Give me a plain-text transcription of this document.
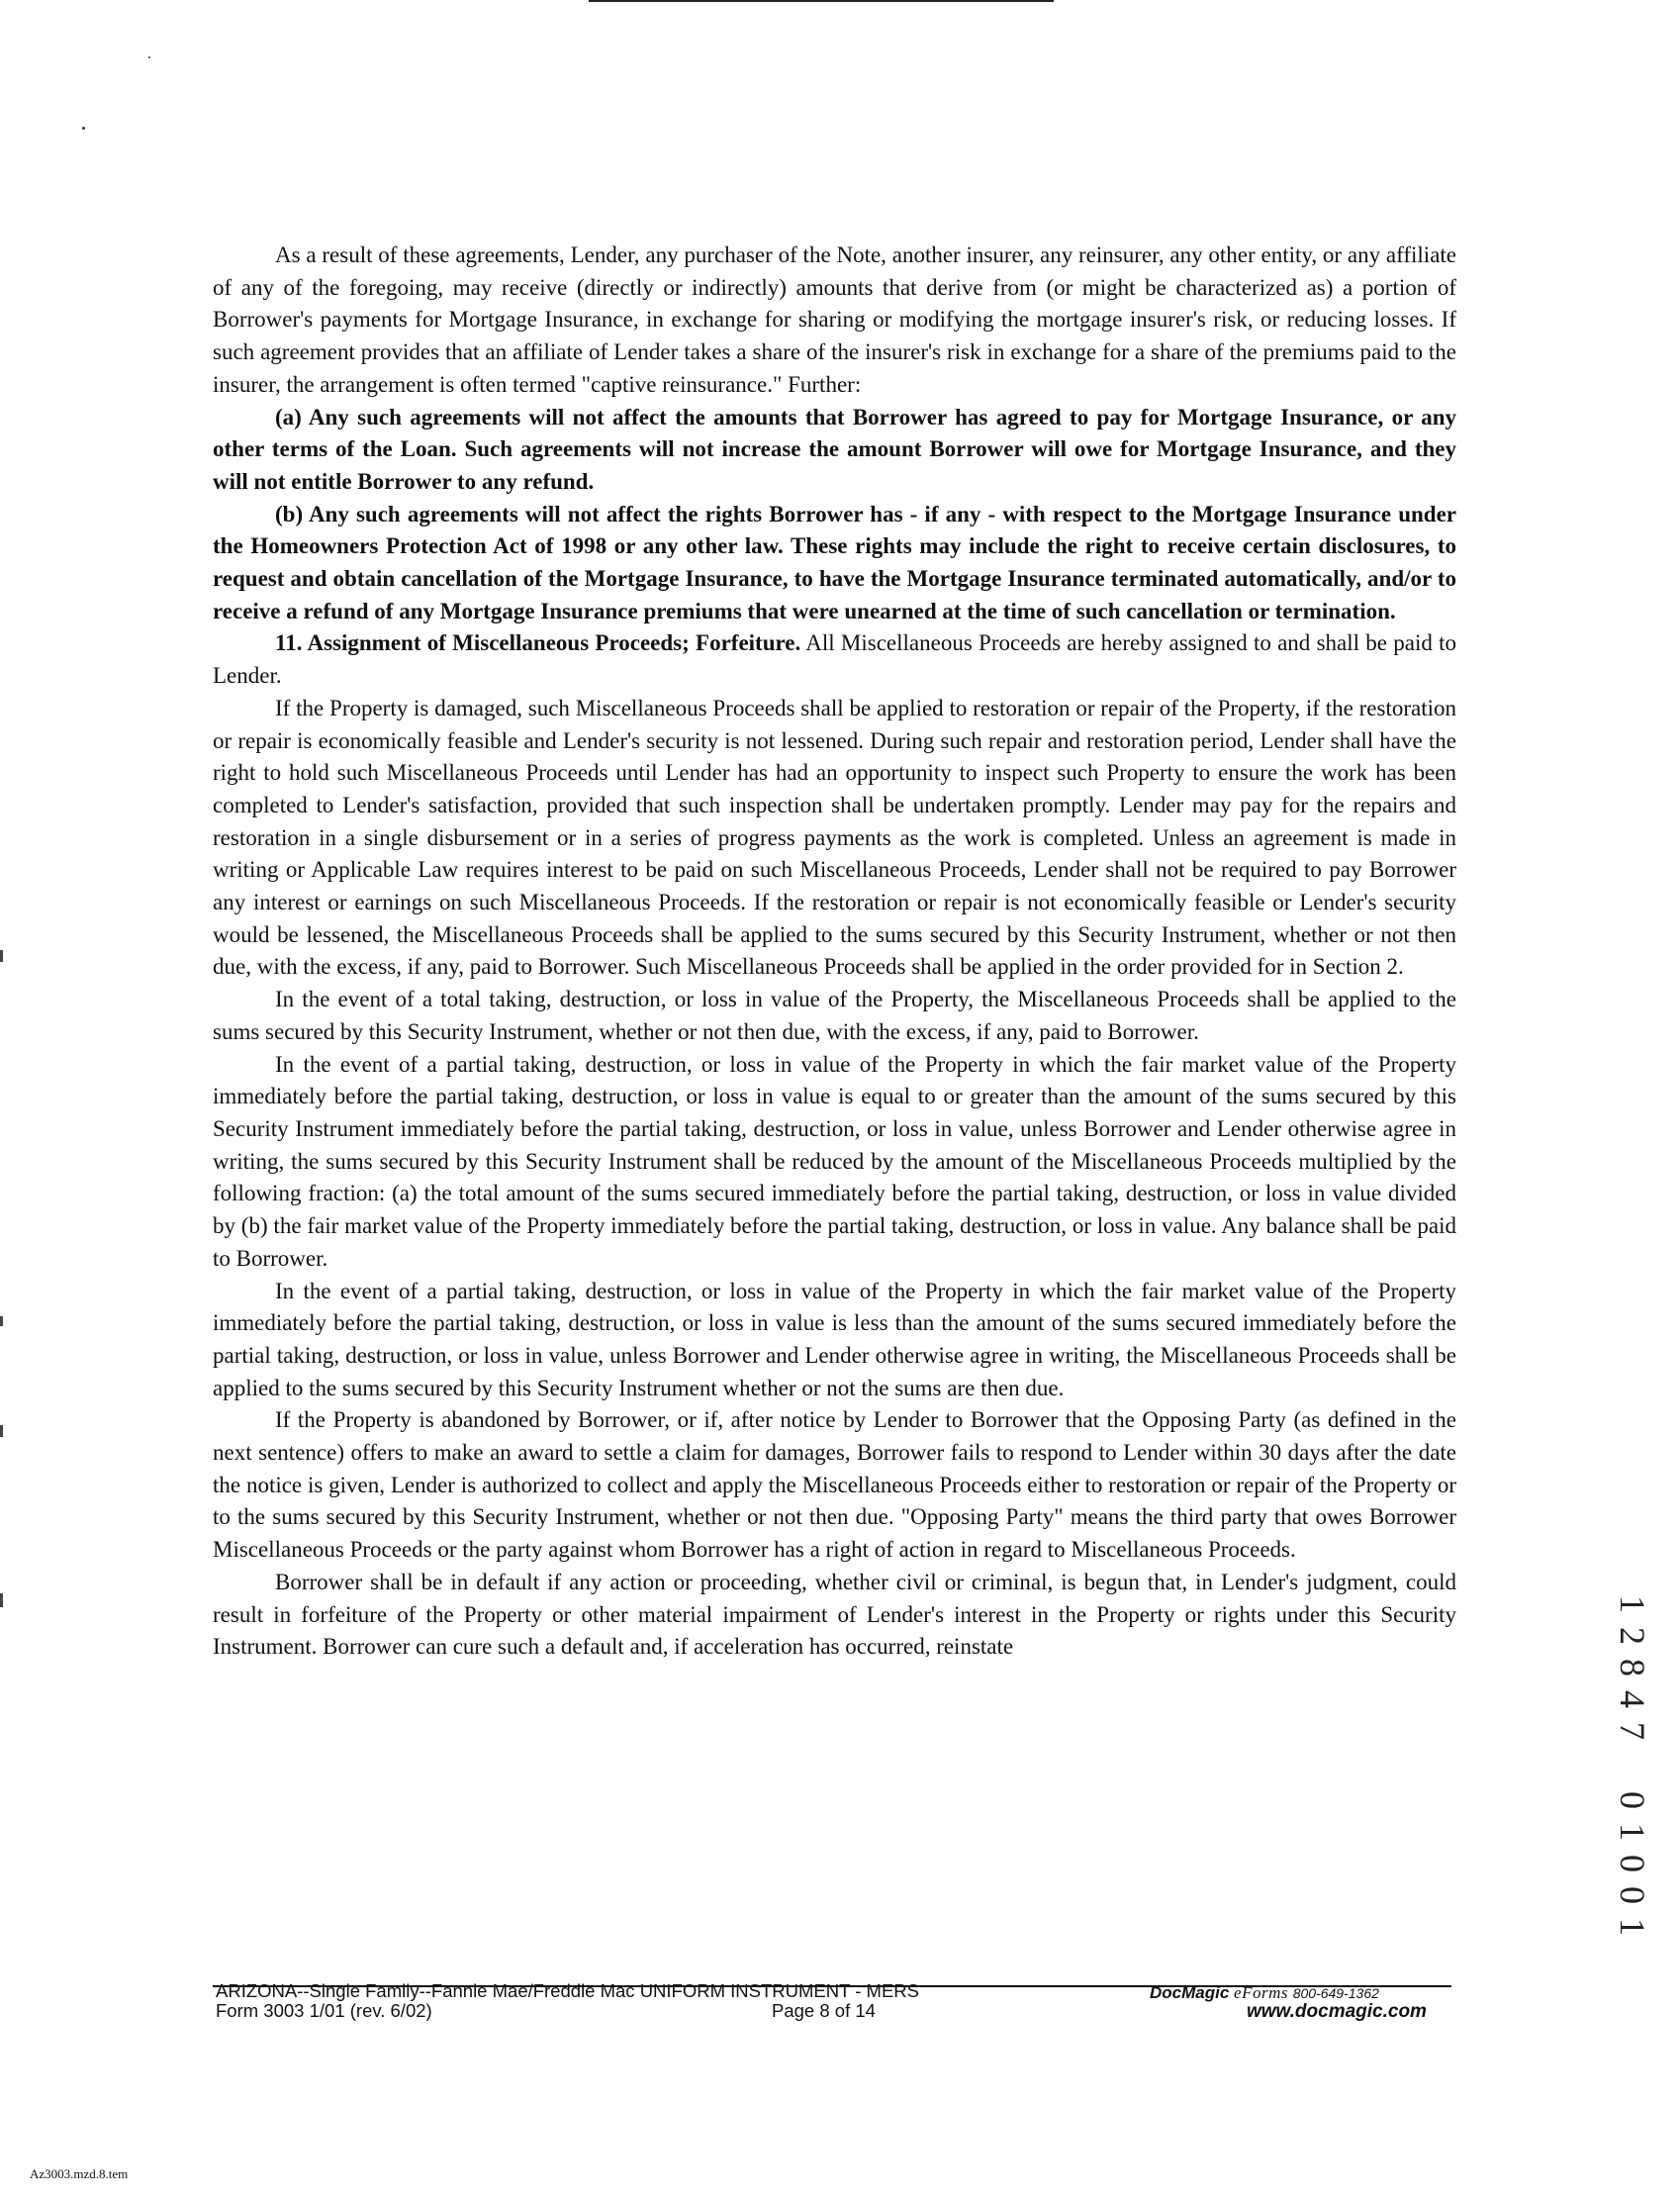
As a result of these agreements, Lender, any purchaser of the Note, another insurer, any reinsurer, any other entity, or any affiliate of any of the foregoing, may receive (directly or indirectly) amounts that derive from (or might be characterized as) a portion of Borrower's payments for Mortgage Insurance, in exchange for sharing or modifying the mortgage insurer's risk, or reducing losses. If such agreement provides that an affiliate of Lender takes a share of the insurer's risk in exchange for a share of the premiums paid to the insurer, the arrangement is often termed "captive reinsurance." Further:

(a) Any such agreements will not affect the amounts that Borrower has agreed to pay for Mortgage Insurance, or any other terms of the Loan. Such agreements will not increase the amount Borrower will owe for Mortgage Insurance, and they will not entitle Borrower to any refund.

(b) Any such agreements will not affect the rights Borrower has - if any - with respect to the Mortgage Insurance under the Homeowners Protection Act of 1998 or any other law. These rights may include the right to receive certain disclosures, to request and obtain cancellation of the Mortgage Insurance, to have the Mortgage Insurance terminated automatically, and/or to receive a refund of any Mortgage Insurance premiums that were unearned at the time of such cancellation or termination.

11. Assignment of Miscellaneous Proceeds; Forfeiture. All Miscellaneous Proceeds are hereby assigned to and shall be paid to Lender.

If the Property is damaged, such Miscellaneous Proceeds shall be applied to restoration or repair of the Property, if the restoration or repair is economically feasible and Lender's security is not lessened. During such repair and restoration period, Lender shall have the right to hold such Miscellaneous Proceeds until Lender has had an opportunity to inspect such Property to ensure the work has been completed to Lender's satisfaction, provided that such inspection shall be undertaken promptly. Lender may pay for the repairs and restoration in a single disbursement or in a series of progress payments as the work is completed. Unless an agreement is made in writing or Applicable Law requires interest to be paid on such Miscellaneous Proceeds, Lender shall not be required to pay Borrower any interest or earnings on such Miscellaneous Proceeds. If the restoration or repair is not economically feasible or Lender's security would be lessened, the Miscellaneous Proceeds shall be applied to the sums secured by this Security Instrument, whether or not then due, with the excess, if any, paid to Borrower. Such Miscellaneous Proceeds shall be applied in the order provided for in Section 2.

In the event of a total taking, destruction, or loss in value of the Property, the Miscellaneous Proceeds shall be applied to the sums secured by this Security Instrument, whether or not then due, with the excess, if any, paid to Borrower.

In the event of a partial taking, destruction, or loss in value of the Property in which the fair market value of the Property immediately before the partial taking, destruction, or loss in value is equal to or greater than the amount of the sums secured by this Security Instrument immediately before the partial taking, destruction, or loss in value, unless Borrower and Lender otherwise agree in writing, the sums secured by this Security Instrument shall be reduced by the amount of the Miscellaneous Proceeds multiplied by the following fraction: (a) the total amount of the sums secured immediately before the partial taking, destruction, or loss in value divided by (b) the fair market value of the Property immediately before the partial taking, destruction, or loss in value. Any balance shall be paid to Borrower.

In the event of a partial taking, destruction, or loss in value of the Property in which the fair market value of the Property immediately before the partial taking, destruction, or loss in value is less than the amount of the sums secured immediately before the partial taking, destruction, or loss in value, unless Borrower and Lender otherwise agree in writing, the Miscellaneous Proceeds shall be applied to the sums secured by this Security Instrument whether or not the sums are then due.

If the Property is abandoned by Borrower, or if, after notice by Lender to Borrower that the Opposing Party (as defined in the next sentence) offers to make an award to settle a claim for damages, Borrower fails to respond to Lender within 30 days after the date the notice is given, Lender is authorized to collect and apply the Miscellaneous Proceeds either to restoration or repair of the Property or to the sums secured by this Security Instrument, whether or not then due. "Opposing Party" means the third party that owes Borrower Miscellaneous Proceeds or the party against whom Borrower has a right of action in regard to Miscellaneous Proceeds.

Borrower shall be in default if any action or proceeding, whether civil or criminal, is begun that, in Lender's judgment, could result in forfeiture of the Property or other material impairment of Lender's interest in the Property or rights under this Security Instrument. Borrower can cure such a default and, if acceleration has occurred, reinstate

1
2
8
4
7
0
1
0
0
1
ARIZONA--Single Family--Fannie Mae/Freddie Mac UNIFORM INSTRUMENT - MERS
Form 3003 1/01 (rev. 6/02)	Page 8 of 14
DocMagic eForms 800-649-1362
www.docmagic.com
Az3003.mzd.8.tem
